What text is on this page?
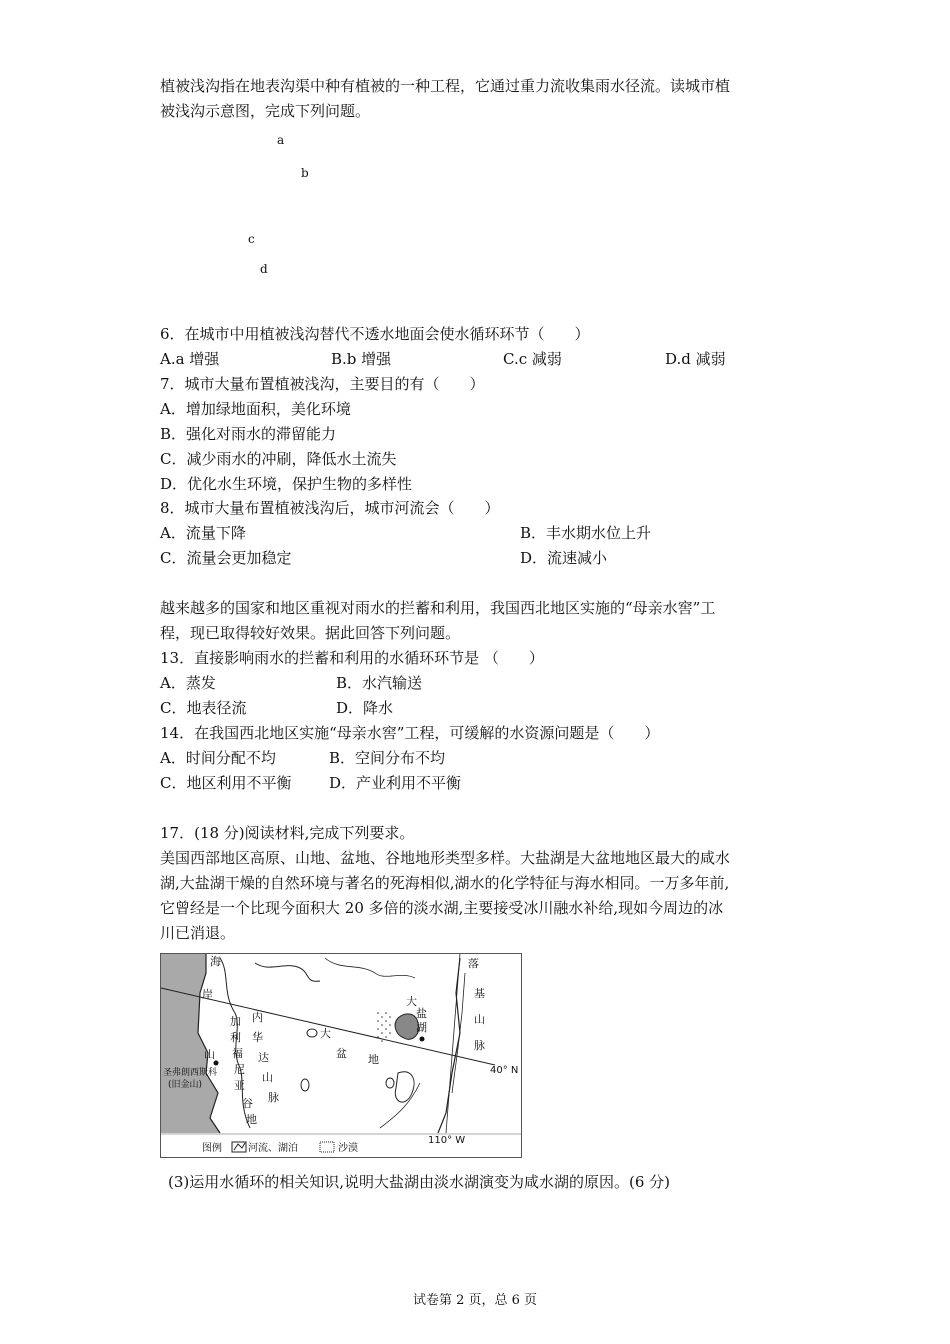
植被浅沟指在地表沟渠中种有植被的一种工程，它通过重力流收集雨水径流。读城市植
被浅沟示意图，完成下列问题。
a
b
c
d
6．在城市中用植被浅沟替代不透水地面会使水循环环节（　　）
A.a 增强	B.b 增强	C.c 减弱	D.d 减弱
7．城市大量布置植被浅沟，主要目的有（　　）
A．增加绿地面积，美化环境
B．强化对雨水的滞留能力
C．减少雨水的冲刷，降低水土流失
D．优化水生环境，保护生物的多样性
8．城市大量布置植被浅沟后，城市河流会（　　）
A．流量下降	B．丰水期水位上升
C．流量会更加稳定	D．流速减小
越来越多的国家和地区重视对雨水的拦蓄和利用，我国西北地区实施的“母亲水窖”工
程，现已取得较好效果。据此回答下列问题。
13．直接影响雨水的拦蓄和利用的水循环环节是 （　　）
A．蒸发	B．水汽输送
C．地表径流	D．降水
14．在我国西北地区实施“母亲水窖”工程，可缓解的水资源问题是（　　）
A．时间分配不均	B．空间分布不均
C．地区利用不平衡	D．产业利用不平衡
17．(18 分)阅读材料,完成下列要求。
美国西部地区高原、山地、盆地、谷地地形类型多样。大盐湖是大盆地地区最大的咸水
湖,大盐湖干燥的自然环境与著名的死海相似,湖水的化学特征与海水相同。一万多年前,
它曾经是一个比现今面积大 20 多倍的淡水湖,主要接受冰川融水补给,现如今周边的冰
川已消退。
海
岸
山
内
华
达
山
脉
加
利
福
尼
亚
谷
地
大
盆 地
大
盐
湖
落
基
山
脉
40° N
110° W
圣弗朗西斯科
(旧金山)
图例	河流、湖泊	沙漠
(3)运用水循环的相关知识,说明大盐湖由淡水湖演变为咸水湖的原因。(6 分)
试卷第 2 页，总 6 页
